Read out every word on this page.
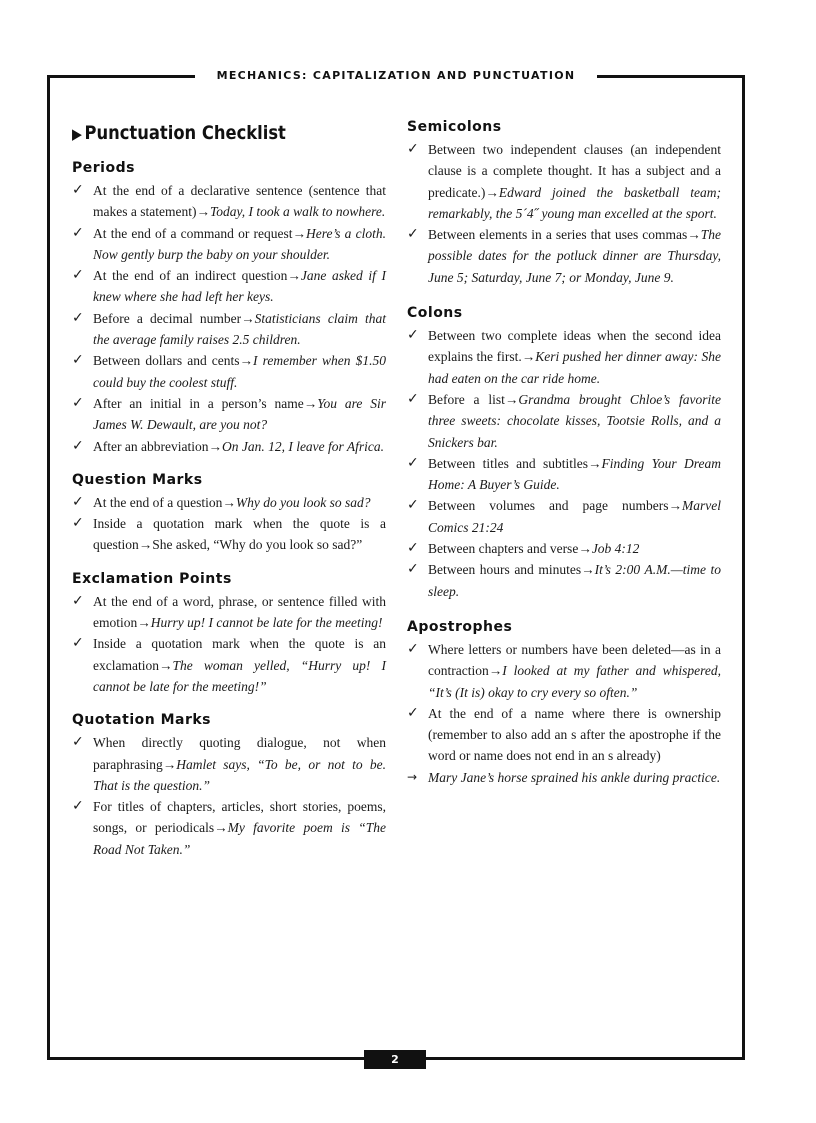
MECHANICS: CAPITALIZATION AND PUNCTUATION
▶ Punctuation Checklist
Periods
✓ At the end of a declarative sentence (sentence that makes a statement)→Today, I took a walk to nowhere.
✓ At the end of a command or request→Here’s a cloth. Now gently burp the baby on your shoulder.
✓ At the end of an indirect question→Jane asked if I knew where she had left her keys.
✓ Before a decimal number→Statisticians claim that the average family raises 2.5 children.
✓ Between dollars and cents→I remember when $1.50 could buy the coolest stuff.
✓ After an initial in a person’s name→You are Sir James W. Dewault, are you not?
✓ After an abbreviation→On Jan. 12, I leave for Africa.
Question Marks
✓ At the end of a question→Why do you look so sad?
✓ Inside a quotation mark when the quote is a question→She asked, “Why do you look so sad?”
Exclamation Points
✓ At the end of a word, phrase, or sentence filled with emotion→Hurry up! I cannot be late for the meeting!
✓ Inside a quotation mark when the quote is an exclamation→The woman yelled, “Hurry up! I cannot be late for the meeting!”
Quotation Marks
✓ When directly quoting dialogue, not when paraphrasing→Hamlet says, “To be, or not to be. That is the question.”
✓ For titles of chapters, articles, short stories, poems, songs, or periodicals→My favorite poem is “The Road Not Taken.”
Semicolons
✓ Between two independent clauses (an independent clause is a complete thought. It has a subject and a predicate.)→Edward joined the basketball team; remarkably, the 5´4˝ young man excelled at the sport.
✓ Between elements in a series that uses commas→The possible dates for the potluck dinner are Thursday, June 5; Saturday, June 7; or Monday, June 9.
Colons
✓ Between two complete ideas when the second idea explains the first.→Keri pushed her dinner away: She had eaten on the car ride home.
✓ Before a list→Grandma brought Chloe’s favorite three sweets: chocolate kisses, Tootsie Rolls, and a Snickers bar.
✓ Between titles and subtitles→Finding Your Dream Home: A Buyer’s Guide.
✓ Between volumes and page numbers→Marvel Comics 21:24
✓ Between chapters and verse→Job 4:12
✓ Between hours and minutes→It’s 2:00 A.M.—time to sleep.
Apostrophes
✓ Where letters or numbers have been deleted—as in a contraction→I looked at my father and whispered, “It’s (It is) okay to cry every so often.”
✓ At the end of a name where there is ownership (remember to also add an s after the apostrophe if the word or name does not end in an s already)
→ Mary Jane’s horse sprained his ankle during practice.
2
